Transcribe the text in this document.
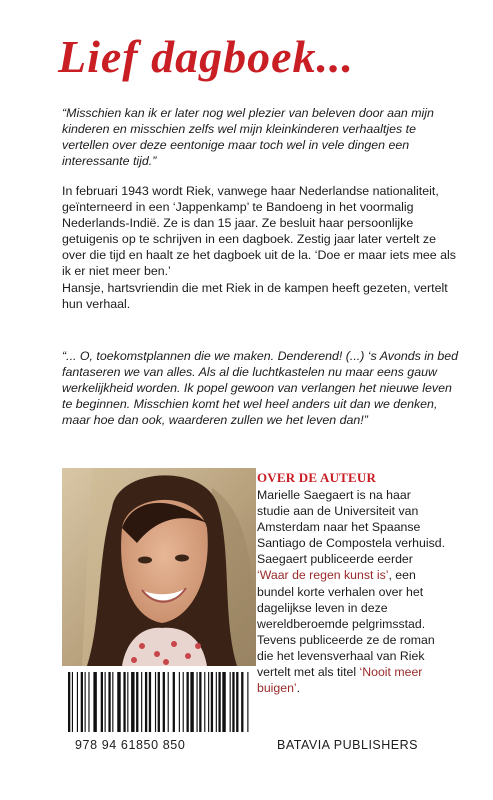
Lief dagboek...
“Misschien kan ik er later nog wel plezier van beleven door aan mijn kinderen en misschien zelfs wel mijn kleinkinderen verhaaltjes te vertellen over deze eentonige maar toch wel in vele dingen een interessante tijd.”

In februari 1943 wordt Riek, vanwege haar Nederlandse nationaliteit, geïnterneerd in een ‘Jappenkamp’ te Bandoeng in het voormalig Nederlands-Indië. Ze is dan 15 jaar. Ze besluit haar persoonlijke getuigenis op te schrijven in een dagboek. Zestig jaar later vertelt ze over die tijd en haalt ze het dagboek uit de la. ‘Doe er maar iets mee als ik er niet meer ben.’

Hansje, hartsvriendin die met Riek in de kampen heeft gezeten, vertelt hun verhaal.

“... O, toekomstplannen die we maken. Denderend! (...) ‘s Avonds in bed fantaseren we van alles. Als al die luchtkastelen nu maar eens gauw werkelijkheid worden. Ik popel gewoon van verlangen het nieuwe leven te beginnen. Misschien komt het wel heel anders uit dan we denken, maar hoe dan ook, waarderen zullen we het leven dan!”
OVER DE AUTEUR

Marielle Saegaert is na haar studie aan de Universiteit van Amsterdam naar het Spaanse Santiago de Compostela verhuisd.

Saegaert publiceerde eerder ‘Waar de regen kunst is’, een bundel korte verhalen over het dagelijkse leven in deze wereldberoemde pelgrimsstad. Tevens publiceerde ze de roman die het levensverhaal van Riek vertelt met als titel ‘Nooit meer buigen’.

978 94 61850 850	BATAVIA PUBLISHERS
